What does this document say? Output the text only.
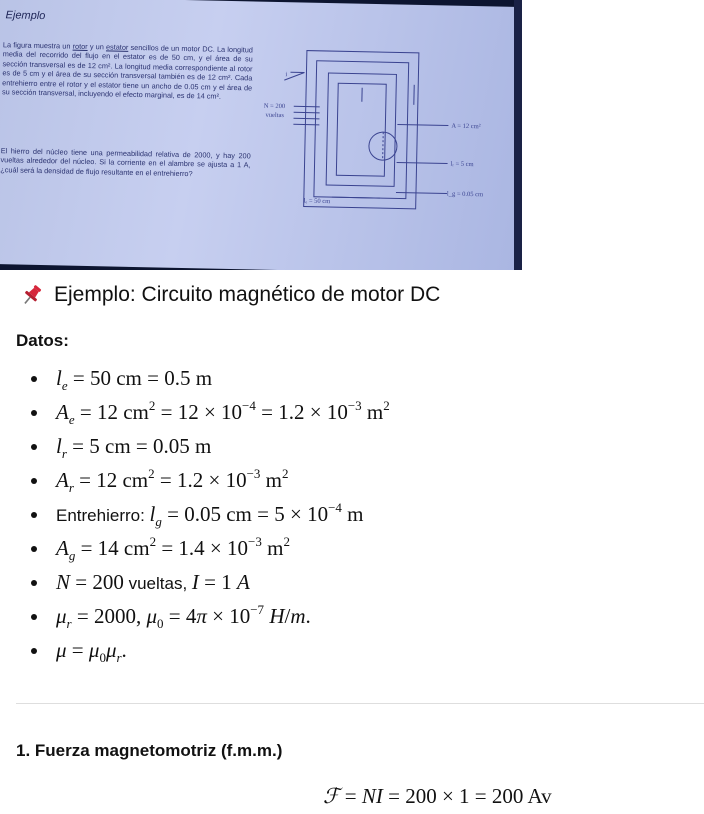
Ejemplo
La figura muestra un rotor y un estator sencillos de un motor DC. La longitud media del recorrido del flujo en el estator es de 50 cm, y el área de su sección transversal es de 12 cm². La longitud media correspondiente al rotor es de 5 cm y el área de su sección transversal también es de 12 cm². Cada entrehierro entre el rotor y el estator tiene un ancho de 0.05 cm y el área de su sección transversal, incluyendo el efecto marginal, es de 14 cm².
El hierro del núcleo tiene una permeabilidad relativa de 2000, y hay 200 vueltas alrededor del núcleo. Si la corriente en el alambre se ajusta a 1 A, ¿cuál será la densidad de flujo resultante en el entrehierro?
i
N = 200
vueltas
A = 12 cm²
lᵣ = 5 cm
l_g = 0.05 cm
lₑ = 50 cm
Ejemplo: Circuito magnético de motor DC
Datos:
$l_e = 50$ cm = 0.5 m
$A_e = 12$ $cm^2 = 12 \times 10^{-4} = 1.2 \times 10^{-3}$ $m^2$
$l_r = 5$ cm = 0.05 m
$A_r = 12$ $cm^2 = 1.2 \times 10^{-3}$ $m^2$
Entrehierro: $l_g = 0.05$ cm = $5 \times 10^{-4}$ m
$A_g = 14$ $cm^2 = 1.4 \times 10^{-3}$ $m^2$
N = 200 vueltas, I = 1 A
$\mu_r = 2000$, $\mu_0 = 4\pi \times 10^{-7}$ H/m.
$\mu = \mu_0\mu_r$.
1. Fuerza magnetomotriz (f.m.m.)
ℱ = NI = 200 × 1 = 200 Av
